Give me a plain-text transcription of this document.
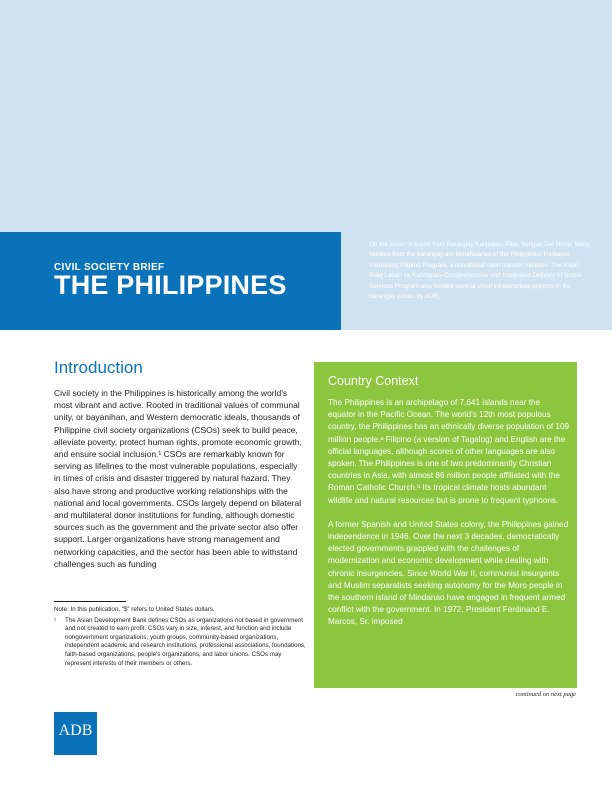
CIVIL SOCIETY BRIEF
THE PHILIPPINES

On the cover: A scene from Barangay Kaliputan, Pilar, Surigao Del Norte. Many families from the barangay are beneficiaries of the Philippines' Pantawid Pamilyang Pilipino Program, a conditional cash transfer initiative. The Kapit-Bisig Laban sa Kahirapan–Comprehensive and Integrated Delivery of Social Services Program also funded several small infrastructure projects in the barangay (photo by ADB).

Introduction

Civil society in the Philippines is historically among the world's most vibrant and active. Rooted in traditional values of communal unity, or bayanihan, and Western democratic ideals, thousands of Philippine civil society organizations (CSOs) seek to build peace, alleviate poverty, protect human rights, promote economic growth, and ensure social inclusion.¹ CSOs are remarkably known for serving as lifelines to the most vulnerable populations, especially in times of crisis and disaster triggered by natural hazard. They also have strong and productive working relationships with the national and local governments. CSOs largely depend on bilateral and multilateral donor institutions for funding, although domestic sources such as the government and the private sector also offer support. Larger organizations have strong management and networking capacities, and the sector has been able to withstand challenges such as funding

Note: In this publication, "$" refers to United States dollars.

¹ The Asian Development Bank defines CSOs as organizations not based in government and not created to earn profit. CSOs vary in size, interest, and function and include nongovernment organizations, youth groups, community-based organizations, independent academic and research institutions, professional associations, foundations, faith-based organizations, people's organizations, and labor unions. CSOs may represent interests of their members or others.
Country Context

The Philippines is an archipelago of 7,641 islands near the equator in the Pacific Ocean. The world's 12th most populous country, the Philippines has an ethnically diverse population of 109 million people.ᵃ Filipino (a version of Tagalog) and English are the official languages, although scores of other languages are also spoken. The Philippines is one of two predominantly Christian countries in Asia, with almost 86 million people affiliated with the Roman Catholic Church.ᵇ Its tropical climate hosts abundant wildlife and natural resources but is prone to frequent typhoons.

A former Spanish and United States colony, the Philippines gained independence in 1946. Over the next 3 decades, democratically elected governments grappled with the challenges of modernization and economic development while dealing with chronic insurgencies. Since World War II, communist insurgents and Muslim separatists seeking autonomy for the Moro people in the southern island of Mindanao have engaged in frequent armed conflict with the government. In 1972, President Ferdinand E. Marcos, Sr. imposed

continued on next page
ADB
